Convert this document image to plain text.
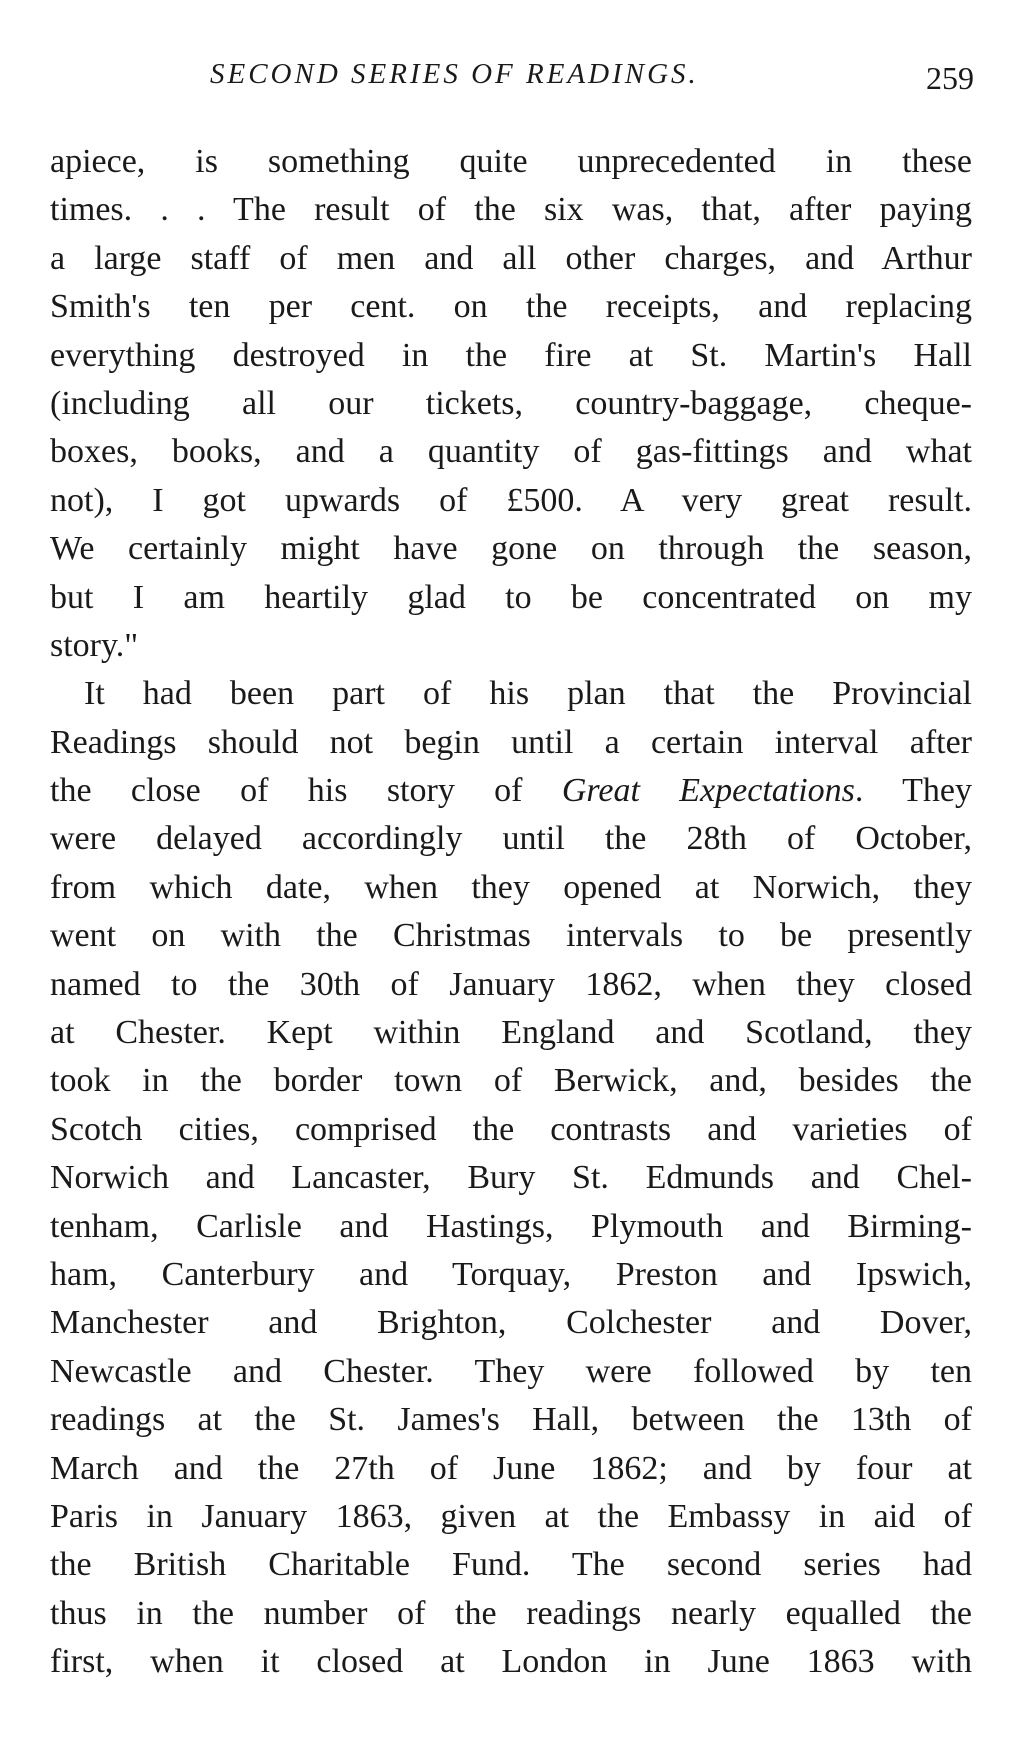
SECOND SERIES OF READINGS.	259
apiece, is something quite unprecedented in these
times. . . The result of the six was, that, after paying
a large staff of men and all other charges, and Arthur
Smith's ten per cent. on the receipts, and replacing
everything destroyed in the fire at St. Martin's Hall
(including all our tickets, country-baggage, cheque-
boxes, books, and a quantity of gas-fittings and what
not), I got upwards of £500. A very great result.
We certainly might have gone on through the season,
but I am heartily glad to be concentrated on my
story."
It had been part of his plan that the Provincial
Readings should not begin until a certain interval after
the close of his story of Great Expectations. They
were delayed accordingly until the 28th of October,
from which date, when they opened at Norwich, they
went on with the Christmas intervals to be presently
named to the 30th of January 1862, when they closed
at Chester. Kept within England and Scotland, they
took in the border town of Berwick, and, besides the
Scotch cities, comprised the contrasts and varieties of
Norwich and Lancaster, Bury St. Edmunds and Chel-
tenham, Carlisle and Hastings, Plymouth and Birming-
ham, Canterbury and Torquay, Preston and Ipswich,
Manchester and Brighton, Colchester and Dover,
Newcastle and Chester. They were followed by ten
readings at the St. James's Hall, between the 13th of
March and the 27th of June 1862; and by four at
Paris in January 1863, given at the Embassy in aid of
the British Charitable Fund. The second series had
thus in the number of the readings nearly equalled the
first, when it closed at London in June 1863 with
